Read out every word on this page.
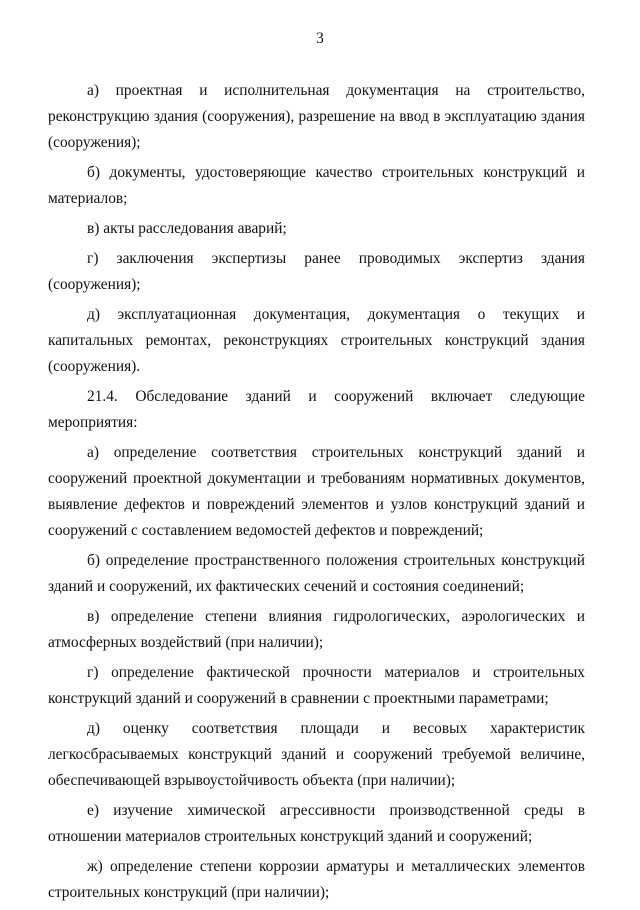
3

а) проектная и исполнительная документация на строительство, реконструкцию здания (сооружения), разрешение на ввод в эксплуатацию здания (сооружения);

б) документы, удостоверяющие качество строительных конструкций и материалов;

в) акты расследования аварий;

г) заключения экспертизы ранее проводимых экспертиз здания (сооружения);

д) эксплуатационная документация, документация о текущих и капитальных ремонтах, реконструкциях строительных конструкций здания (сооружения).

21.4. Обследование зданий и сооружений включает следующие мероприятия:

а) определение соответствия строительных конструкций зданий и сооружений проектной документации и требованиям нормативных документов, выявление дефектов и повреждений элементов и узлов конструкций зданий и сооружений с составлением ведомостей дефектов и повреждений;

б) определение пространственного положения строительных конструкций зданий и сооружений, их фактических сечений и состояния соединений;

в) определение степени влияния гидрологических, аэрологических и атмосферных воздействий (при наличии);

г) определение фактической прочности материалов и строительных конструкций зданий и сооружений в сравнении с проектными параметрами;

д) оценку соответствия площади и весовых характеристик легкосбрасываемых конструкций зданий и сооружений требуемой величине, обеспечивающей взрывоустойчивость объекта (при наличии);

е) изучение химической агрессивности производственной среды в отношении материалов строительных конструкций зданий и сооружений;

ж) определение степени коррозии арматуры и металлических элементов строительных конструкций (при наличии);
